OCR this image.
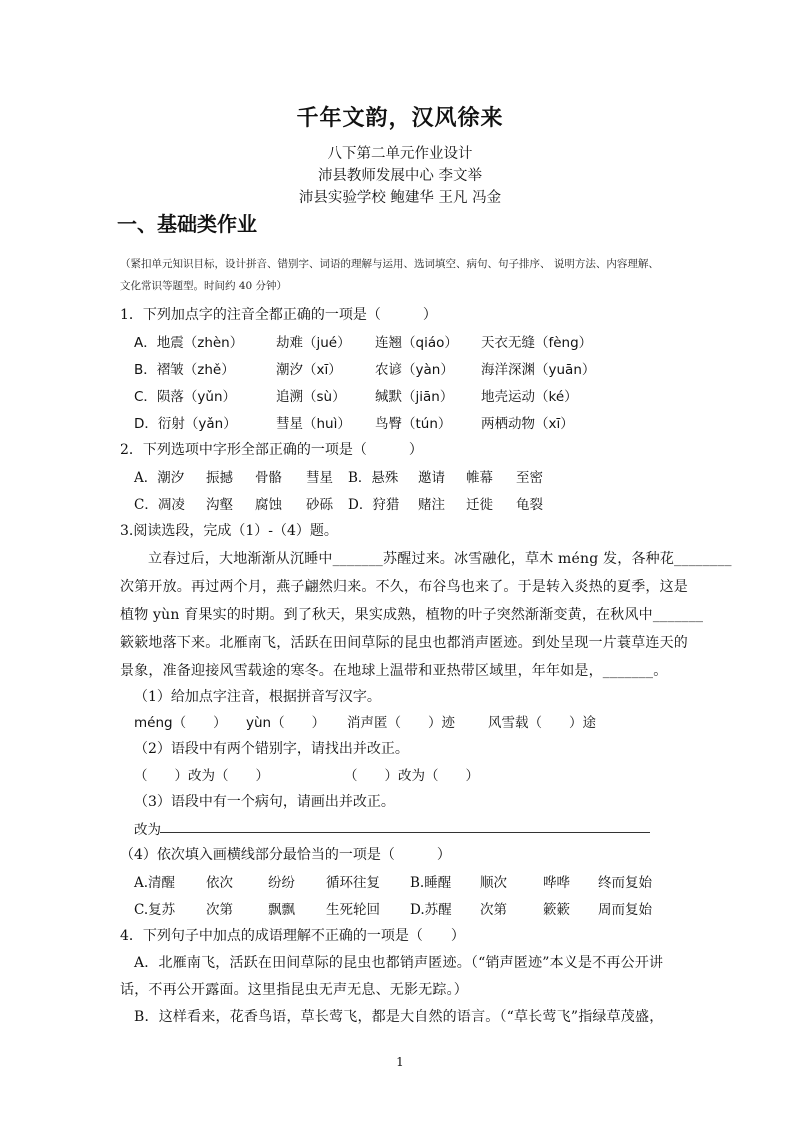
千年文韵，汉风徐来
八下第二单元作业设计
沛县教师发展中心 李文举
沛县实验学校 鲍建华 王凡 冯金
一、基础类作业
（紧扣单元知识目标，设计拼音、错别字、词语的理解与运用、选词填空、病句、句子排序、 说明方法、内容理解、
文化常识等题型。时间约 40 分钟）
1．下列加点字的注音全都正确的一项是（　　　）
A．地震（zhèn） 劫难（jué） 连翘（qiáo） 天衣无缝（fèng）
B．褶皱（zhě）	潮汐（xī） 农谚（yàn） 海洋深渊（yuān）
C．陨落（yǔn）	追溯（sù） 缄默（jiān） 地壳运动（ké）
D．衍射（yǎn）	彗星（huì） 鸟臀（tún） 两栖动物（xī）
2．下列选项中字形全部正确的一项是（　　　）
A．潮汐 振撼 骨骼 彗星 B．悬殊 邀请 帷幕 至密
C．凋凌 沟壑 腐蚀 砂砾 D．狩猎 赌注 迁徙 龟裂
3.阅读选段，完成（1）-（4）题。
立春过后，大地渐渐从沉睡中_______苏醒过来。冰雪融化，草木 méng 发，各种花________
次第开放。再过两个月，燕子翩然归来。不久，布谷鸟也来了。于是转入炎热的夏季，这是
植物 yùn 育果实的时期。到了秋天，果实成熟，植物的叶子突然渐渐变黄，在秋风中_______
簌簌地落下来。北雁南飞，活跃在田间草际的昆虫也都消声匿迹。到处呈现一片蓑草连天的
景象，准备迎接风雪载途的寒冬。在地球上温带和亚热带区域里，年年如是，_______。
（1）给加点字注音，根据拼音写汉字。
méng（　　） yùn（　　） 消声匿（　　）迹 风雪载（　　）途
（2）语段中有两个错别字，请找出并改正。
（　　）改为（　　）	（　　）改为（　　）
（3）语段中有一个病句，请画出并改正。
改为
（4）依次填入画横线部分最恰当的一项是（　　　）
A.清醒 依次	纷纷 循环往复 B.睡醒 顺次	哗哗 终而复始
C.复苏 次第	飘飘 生死轮回 D.苏醒 次第	簌簌 周而复始
4．下列句子中加点的成语理解不正确的一项是（　　）
A．北雁南飞，活跃在田间草际的昆虫也都销声匿迹。（“销声匿迹”本义是不再公开讲
话，不再公开露面。这里指昆虫无声无息、无影无踪。）
B．这样看来，花香鸟语，草长莺飞，都是大自然的语言。（“草长莺飞”指绿草茂盛，
1
